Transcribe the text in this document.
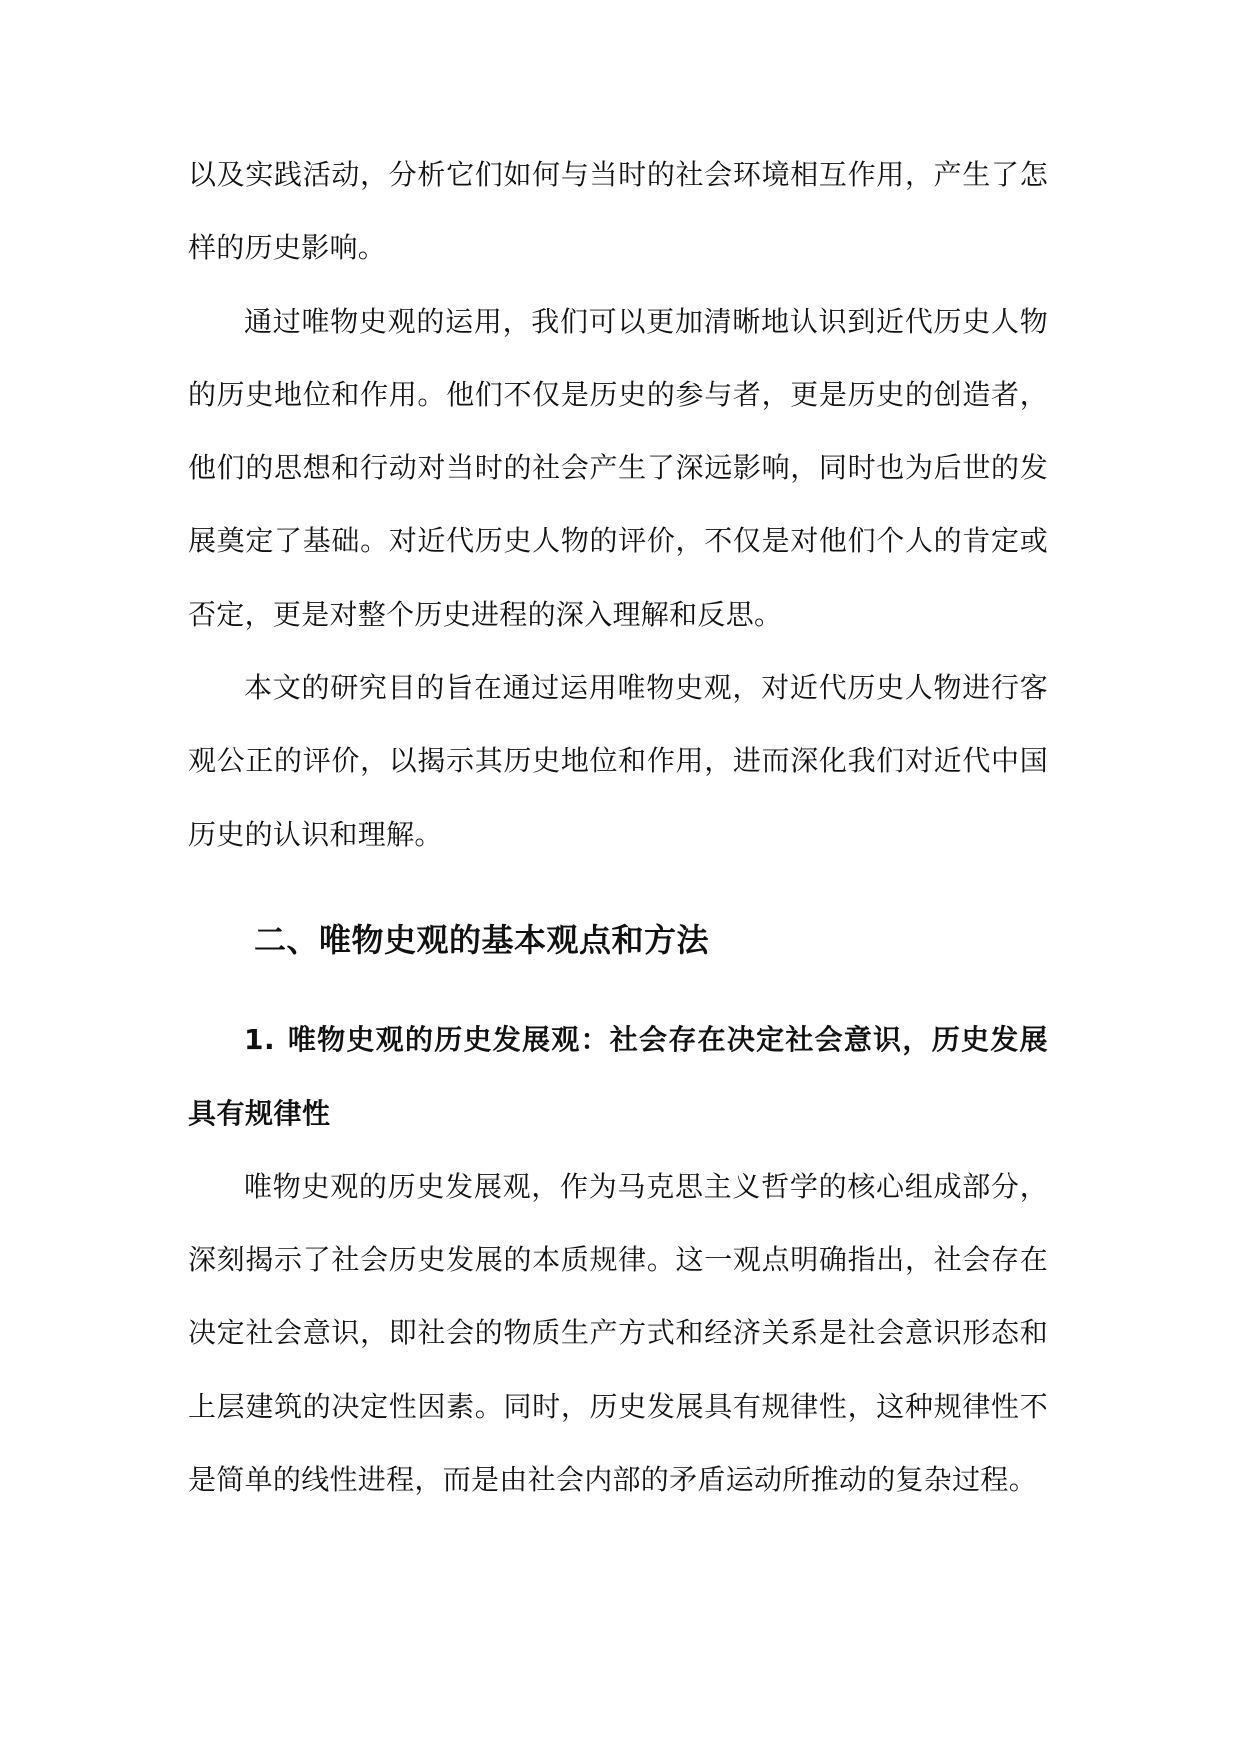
以及实践活动，分析它们如何与当时的社会环境相互作用，产生了怎样的历史影响。

通过唯物史观的运用，我们可以更加清晰地认识到近代历史人物的历史地位和作用。他们不仅是历史的参与者，更是历史的创造者，他们的思想和行动对当时的社会产生了深远影响，同时也为后世的发展奠定了基础。对近代历史人物的评价，不仅是对他们个人的肯定或否定，更是对整个历史进程的深入理解和反思。

本文的研究目的旨在通过运用唯物史观，对近代历史人物进行客观公正的评价，以揭示其历史地位和作用，进而深化我们对近代中国历史的认识和理解。

二、唯物史观的基本观点和方法
1. 唯物史观的历史发展观：社会存在决定社会意识，历史发展具有规律性

唯物史观的历史发展观，作为马克思主义哲学的核心组成部分，深刻揭示了社会历史发展的本质规律。这一观点明确指出，社会存在决定社会意识，即社会的物质生产方式和经济关系是社会意识形态和上层建筑的决定性因素。同时，历史发展具有规律性，这种规律性不是简单的线性进程，而是由社会内部的矛盾运动所推动的复杂过程。
